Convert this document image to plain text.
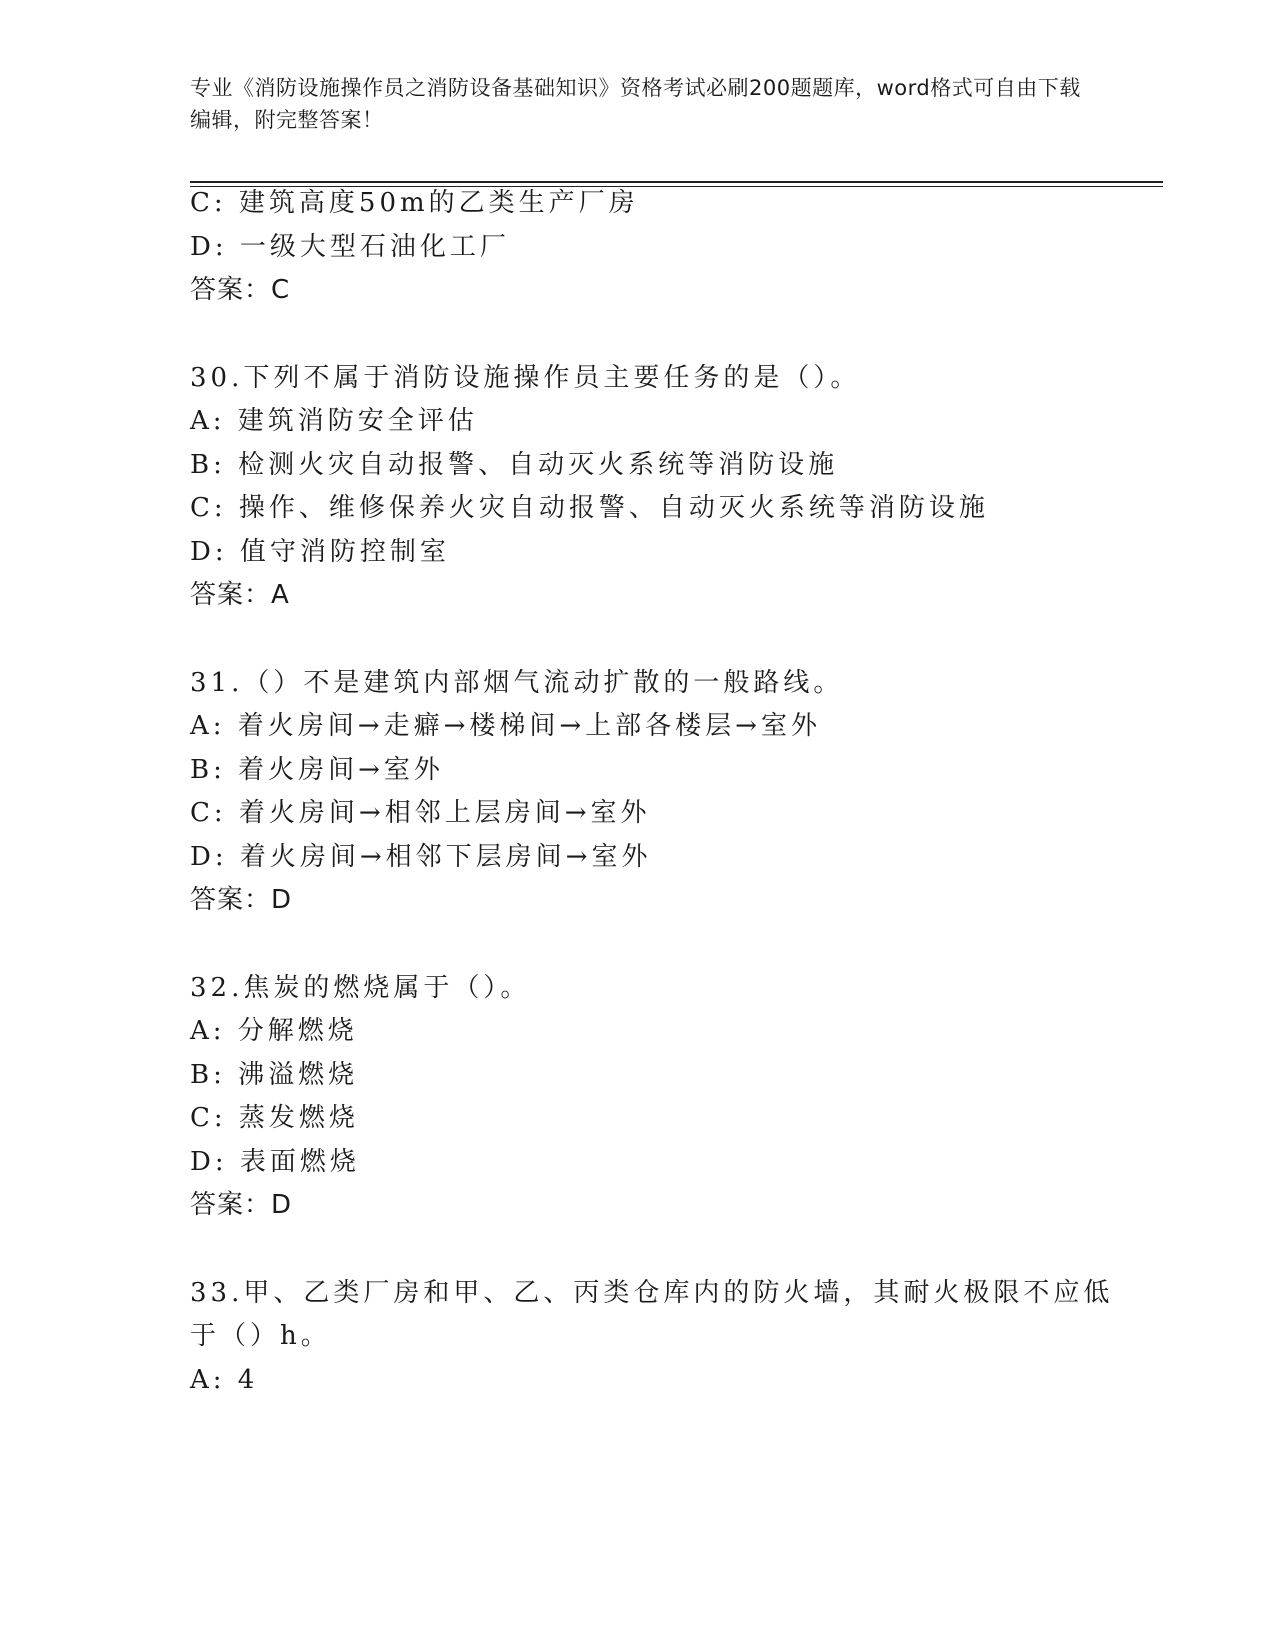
专业《消防设施操作员之消防设备基础知识》资格考试必刷200题题库，word格式可自由下载编辑，附完整答案！
C: 建筑高度50m的乙类生产厂房
D: 一级大型石油化工厂
答案：C
30.下列不属于消防设施操作员主要任务的是（）。
A: 建筑消防安全评估
B: 检测火灾自动报警、自动灭火系统等消防设施
C: 操作、维修保养火灾自动报警、自动灭火系统等消防设施
D: 值守消防控制室
答案：A
31.（）不是建筑内部烟气流动扩散的一般路线。
A: 着火房间→走癖→楼梯间→上部各楼层→室外
B: 着火房间→室外
C: 着火房间→相邻上层房间→室外
D: 着火房间→相邻下层房间→室外
答案：D
32.焦炭的燃烧属于（）。
A: 分解燃烧
B: 沸溢燃烧
C: 蒸发燃烧
D: 表面燃烧
答案：D
33.甲、乙类厂房和甲、乙、丙类仓库内的防火墙，其耐火极限不应低
于（）h。
A: 4
